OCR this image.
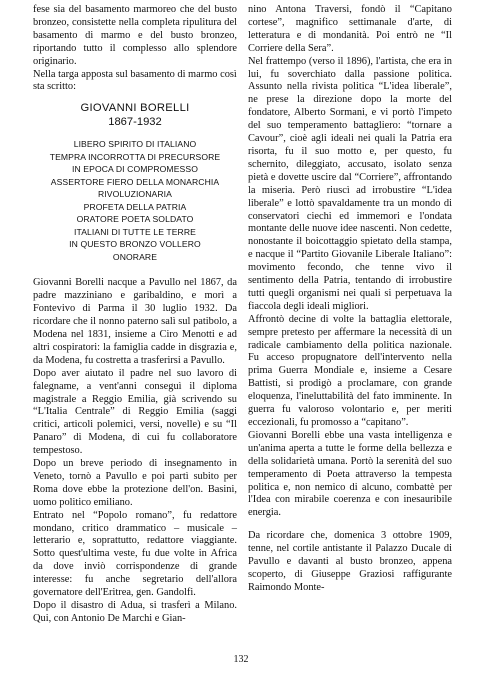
fese sia del basamento marmoreo che del busto bronzeo, consistette nella completa ripulitura del basamento di marmo e del busto bronzeo, riportando tutto il complesso allo splendore originario.

Nella targa apposta sul basamento di marmo così sta scritto:

GIOVANNI BORELLI
1867-1932
LIBERO SPIRITO DI ITALIANO
TEMPRA INCORROTTA DI PRECURSORE
IN EPOCA DI COMPROMESSO
ASSERTORE FIERO DELLA MONARCHIA
RIVOLUZIONARIA
PROFETA DELLA PATRIA
ORATORE POETA SOLDATO
ITALIANI DI TUTTE LE TERRE
IN QUESTO BRONZO VOLLERO
ONORARE

Giovanni Borelli nacque a Pavullo nel 1867, da padre mazziniano e garibaldino, e morì a Fontevivo di Parma il 30 luglio 1932. Da ricordare che il nonno paterno salì sul patibolo, a Modena nel 1831, insieme a Ciro Menotti e ad altri cospiratori: la famiglia cadde in disgrazia e, da Modena, fu costretta a trasferirsi a Pavullo.

Dopo aver aiutato il padre nel suo lavoro di falegname, a vent'anni conseguì il diploma magistrale a Reggio Emilia, già scrivendo su “L'Italia Centrale” di Reggio Emilia (saggi critici, articoli polemici, versi, novelle) e su “Il Panaro” di Modena, di cui fu collaboratore tempestoso.

Dopo un breve periodo di insegnamento in Veneto, tornò a Pavullo e poi partì subito per Roma dove ebbe la protezione dell'on. Basini, uomo politico emiliano.

Entrato nel “Popolo romano”, fu redattore mondano, critico drammatico – musicale – letterario e, soprattutto, redattore viaggiante. Sotto quest'ultima veste, fu due volte in Africa da dove inviò corrispondenze di grande interesse: fu anche segretario dell'allora governatore dell'Eritrea, gen. Gandolfi.

Dopo il disastro di Adua, si trasferì a Milano. Qui, con Antonio De Marchi e Gian-

nino Antona Traversi, fondò il “Capitano cortese”, magnifico settimanale d'arte, di letteratura e di mondanità. Poi entrò ne “Il Corriere della Sera”.

Nel frattempo (verso il 1896), l'artista, che era in lui, fu soverchiato dalla passione politica. Assunto nella rivista politica “L'idea liberale”, ne prese la direzione dopo la morte del fondatore, Alberto Sormani, e vi portò l'impeto del suo temperamento battagliero: “tornare a Cavour”, cioè agli ideali nei quali la Patria era risorta, fu il suo motto e, per questo, fu schernito, dileggiato, accusato, isolato senza pietà e dovette uscire dal “Corriere”, affrontando la miseria. Però riuscì ad irrobustire “L'idea liberale” e lottò spavaldamente tra un mondo di conservatori ciechi ed immemori e l'ondata montante delle nuove idee nascenti. Non cedette, nonostante il boicottaggio spietato della stampa, e nacque il “Partito Giovanile Liberale Italiano”: movimento fecondo, che tenne vivo il sentimento della Patria, tentando di irrobustire tutti quegli organismi nei quali si perpetuava la fiaccola degli ideali migliori.

Affrontò decine di volte la battaglia elettorale, sempre pretesto per affermare la necessità di un radicale cambiamento della politica nazionale. Fu acceso propugnatore dell'intervento nella prima Guerra Mondiale e, insieme a Cesare Battisti, si prodigò a proclamare, con grande eloquenza, l'ineluttabilità del fato imminente. In guerra fu valoroso volontario e, per meriti eccezionali, fu promosso a “capitano”.

Giovanni Borelli ebbe una vasta intelligenza e un'anima aperta a tutte le forme della bellezza e della solidarietà umana. Portò la serenità del suo temperamento di Poeta attraverso la tempesta politica e, non nemico di alcuno, combattè per l'Idea con mirabile coerenza e con inesauribile energia.

Da ricordare che, domenica 3 ottobre 1909, tenne, nel cortile antistante il Palazzo Ducale di Pavullo e davanti al busto bronzeo, appena scoperto, di Giuseppe Graziosi raffigurante Raimondo Monte-

132
